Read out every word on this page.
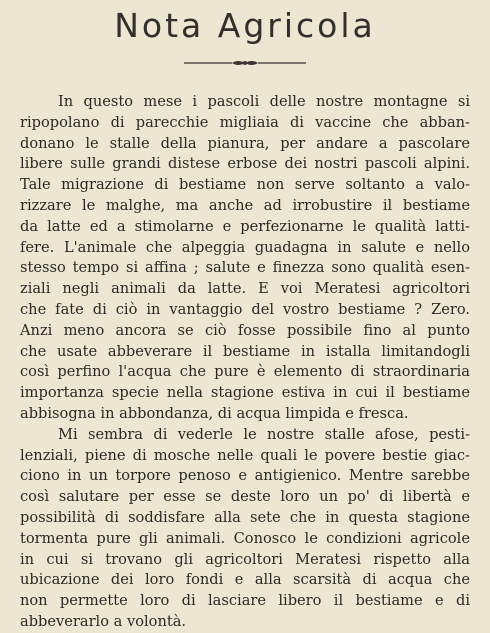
Nota Agricola

In questo mese i pascoli delle nostre montagne si
ripopolano di parecchie migliaia di vaccine che abban-
donano le stalle della pianura, per andare a pascolare
libere sulle grandi distese erbose dei nostri pascoli alpini.
Tale migrazione di bestiame non serve soltanto a valo-
rizzare le malghe, ma anche ad irrobustire il bestiame
da latte ed a stimolarne e perfezionarne le qualità latti-
fere. L'animale che alpeggia guadagna in salute e nello
stesso tempo si affina ; salute e finezza sono qualità esen-
ziali negli animali da latte. E voi Meratesi agricoltori
che fate di ciò in vantaggio del vostro bestiame ? Zero.
Anzi meno ancora se ciò fosse possibile fino al punto
che usate abbeverare il bestiame in istalla limitandogli
così perfino l'acqua che pure è elemento di straordinaria
importanza specie nella stagione estiva in cui il bestiame
abbisogna in abbondanza, di acqua limpida e fresca.

Mi sembra di vederle le nostre stalle afose, pesti-
lenziali, piene di mosche nelle quali le povere bestie giac-
ciono in un torpore penoso e antigienico. Mentre sarebbe
così salutare per esse se deste loro un po' di libertà e
possibilità di soddisfare alla sete che in questa stagione
tormenta pure gli animali. Conosco le condizioni agricole
in cui si trovano gli agricoltori Meratesi rispetto alla
ubicazione dei loro fondi e alla scarsità di acqua che
non permette loro di lasciare libero il bestiame e di
abbeverarlo a volontà.
